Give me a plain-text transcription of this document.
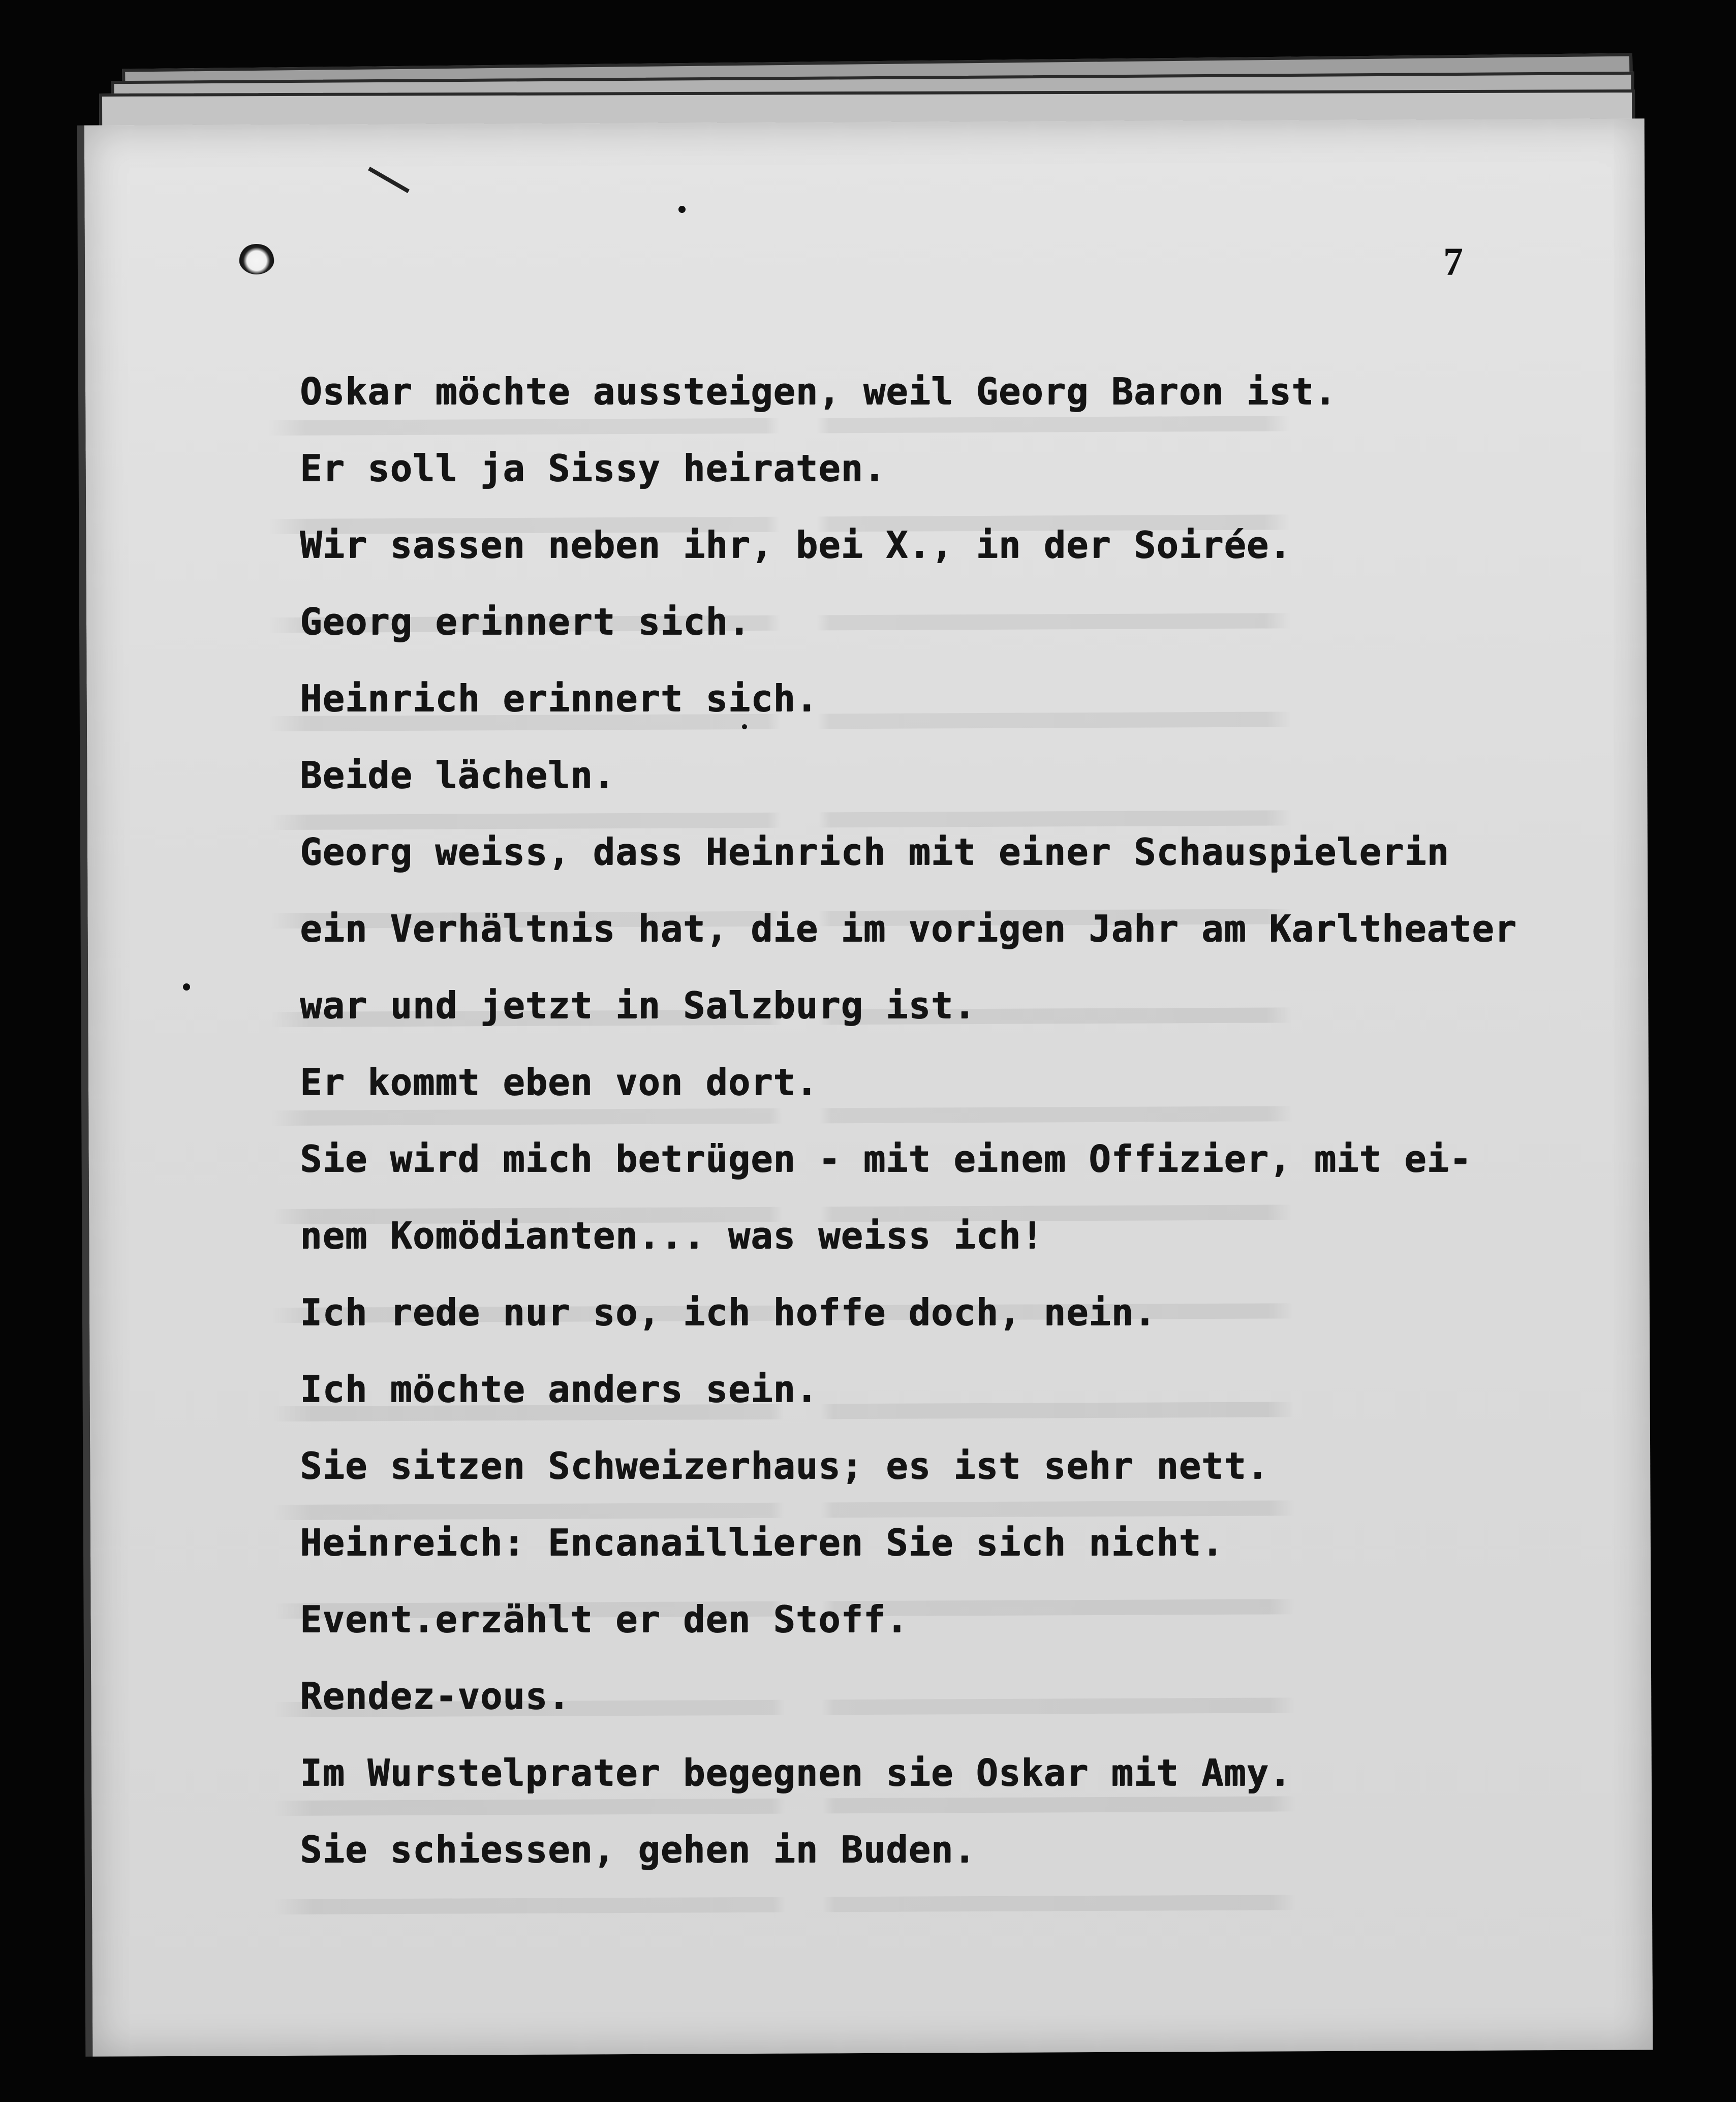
7
Oskar möchte aussteigen, weil Georg Baron ist.
Er soll ja Sissy heiraten.
Wir sassen neben ihr, bei X., in der Soirée.
Georg erinnert sich.
Heinrich erinnert sich.
Beide lächeln.
Georg weiss, dass Heinrich mit einer Schauspielerin
ein Verhältnis hat, die im vorigen Jahr am Karltheater
war und jetzt in Salzburg ist.
Er kommt eben von dort.
Sie wird mich betrügen - mit einem Offizier, mit ei-
nem Komödianten... was weiss ich!
Ich rede nur so, ich hoffe doch, nein.
Ich möchte anders sein.
Sie sitzen Schweizerhaus; es ist sehr nett.
Heinreich: Encanaillieren Sie sich nicht.
Event.erzählt er den Stoff.
Rendez-vous.
Im Wurstelprater begegnen sie Oskar mit Amy.
Sie schiessen, gehen in Buden.
